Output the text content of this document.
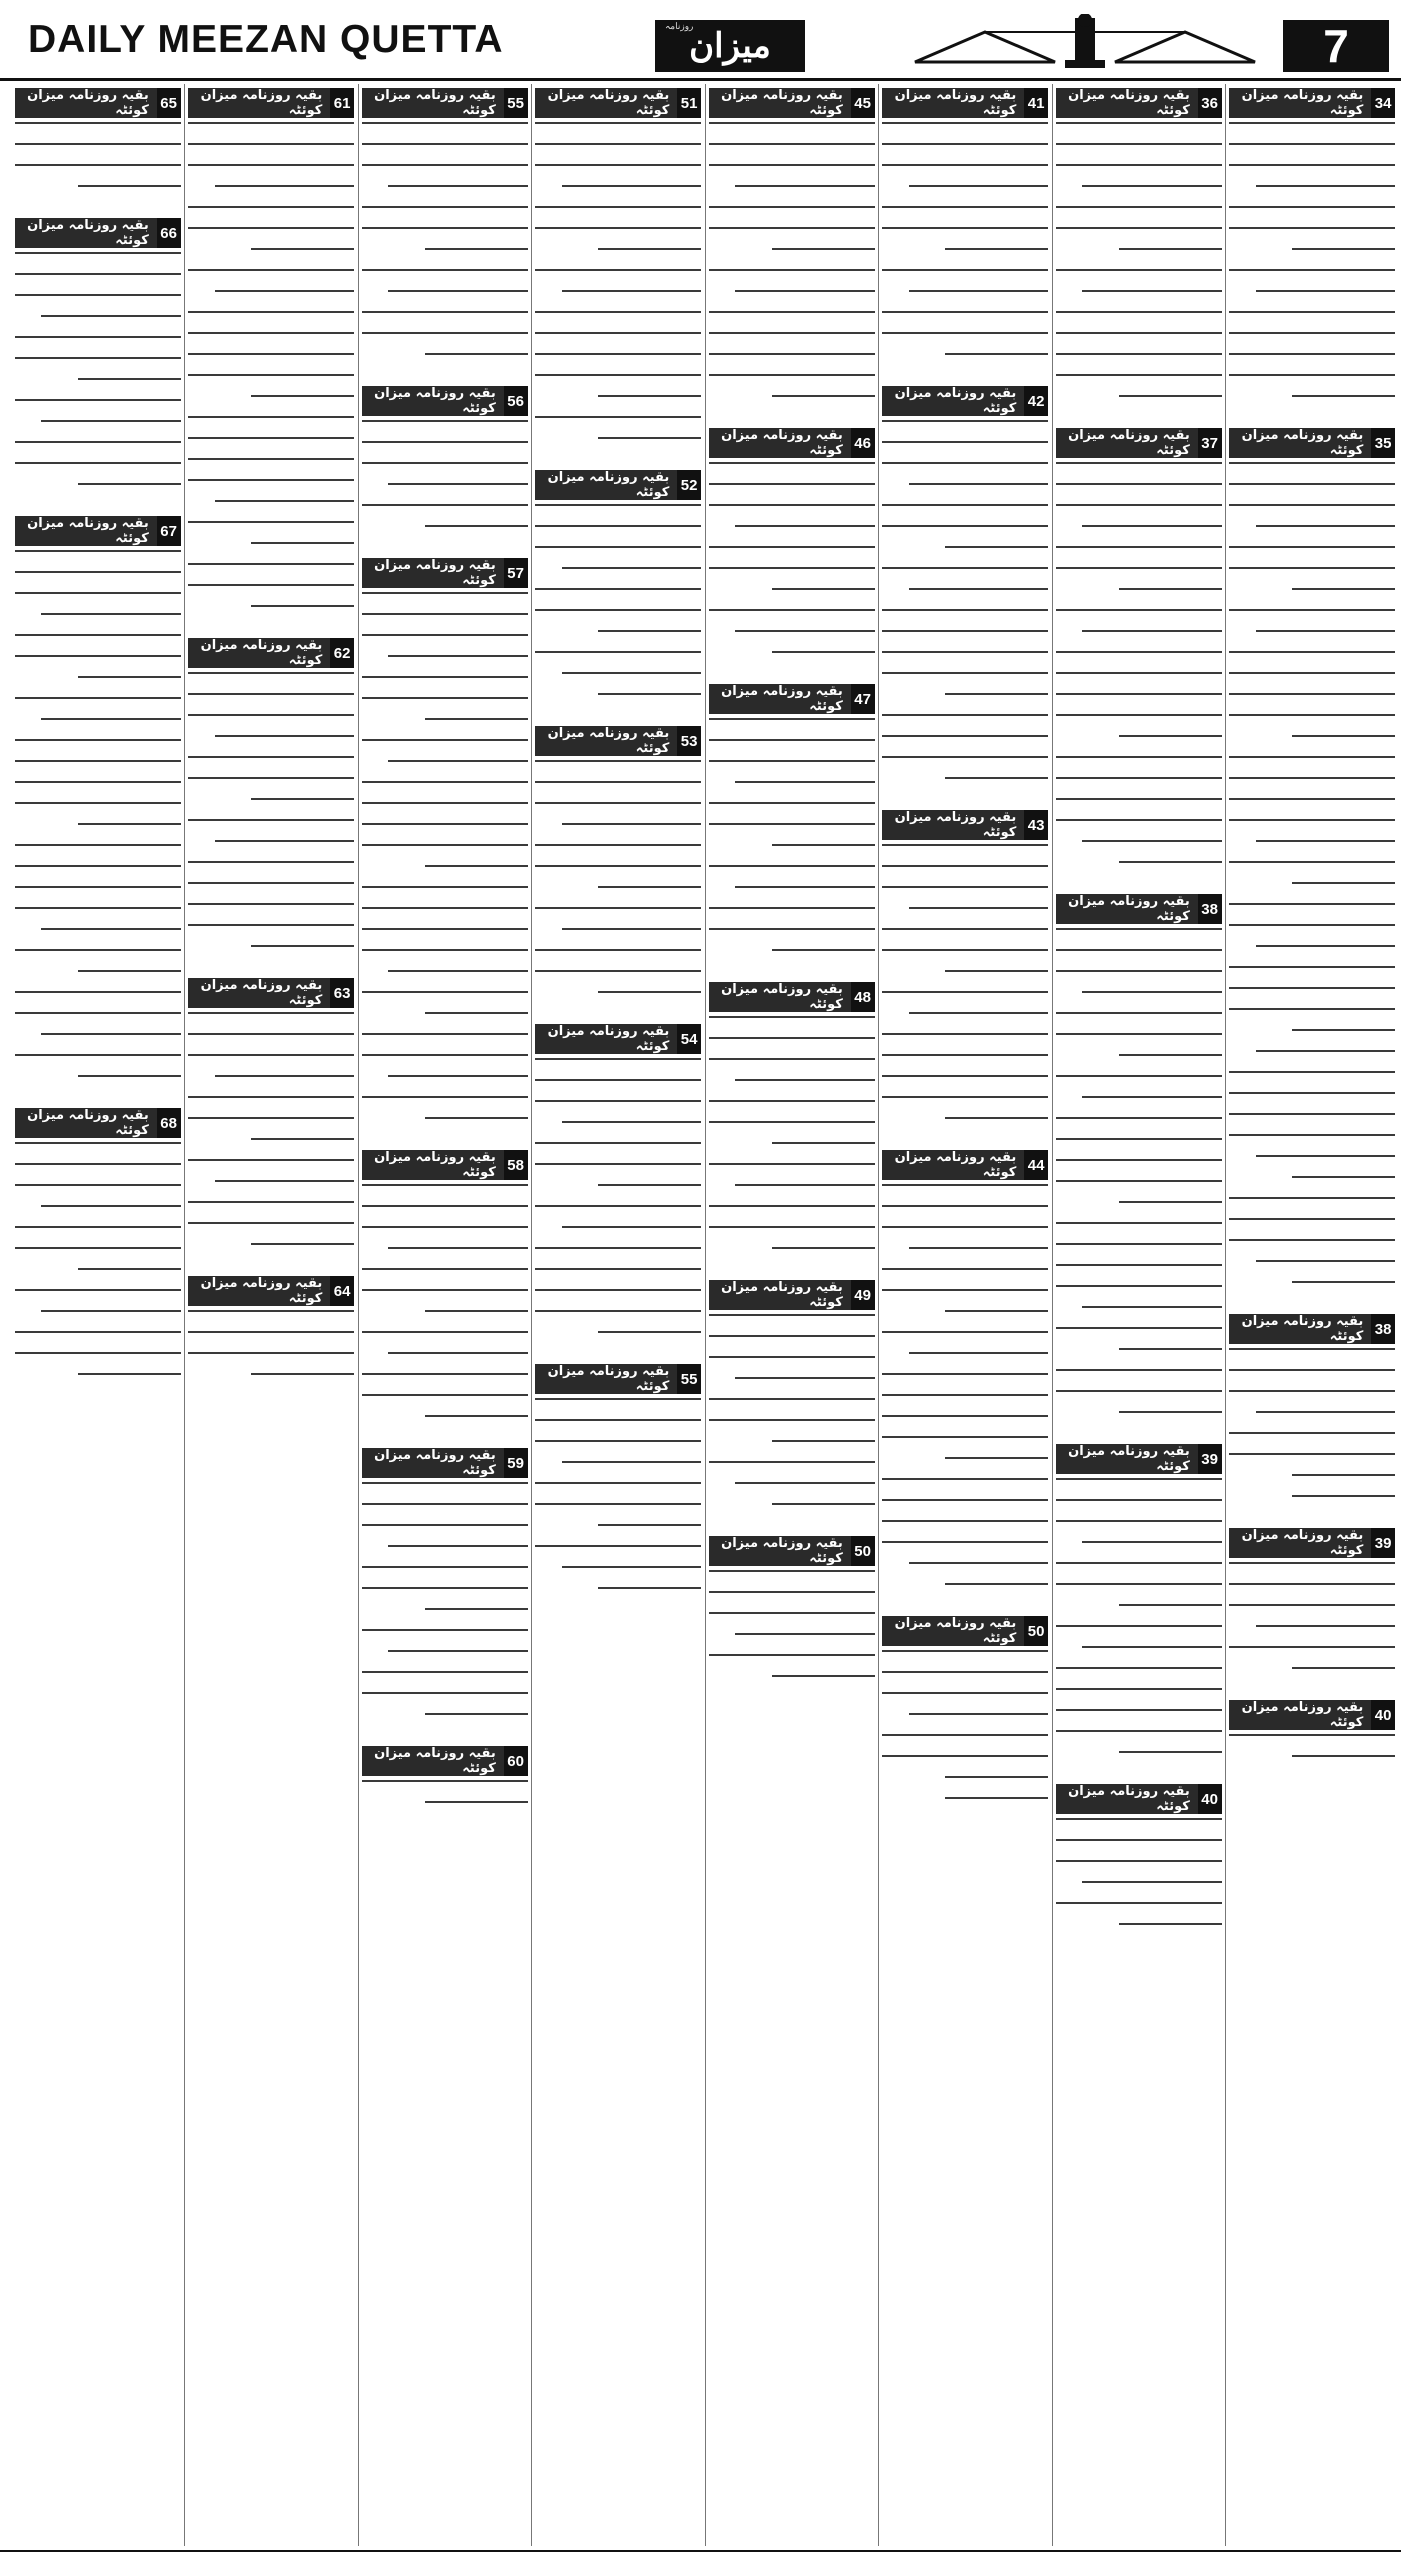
DAILY MEEZAN QUETTA	روزنامہ
میزان	7
34
بقیہ روزنامہ میزان کوئٹہ
35
بقیہ روزنامہ میزان کوئٹہ
38
بقیہ روزنامہ میزان کوئٹہ
39
بقیہ روزنامہ میزان کوئٹہ
40
بقیہ روزنامہ میزان کوئٹہ
36
بقیہ روزنامہ میزان کوئٹہ
37
بقیہ روزنامہ میزان کوئٹہ
38
بقیہ روزنامہ میزان کوئٹہ
39
بقیہ روزنامہ میزان کوئٹہ
40
بقیہ روزنامہ میزان کوئٹہ
41
بقیہ روزنامہ میزان کوئٹہ
42
بقیہ روزنامہ میزان کوئٹہ
43
بقیہ روزنامہ میزان کوئٹہ
44
بقیہ روزنامہ میزان کوئٹہ
50
بقیہ روزنامہ میزان کوئٹہ
45
بقیہ روزنامہ میزان کوئٹہ
46
بقیہ روزنامہ میزان کوئٹہ
47
بقیہ روزنامہ میزان کوئٹہ
48
بقیہ روزنامہ میزان کوئٹہ
49
بقیہ روزنامہ میزان کوئٹہ
50
بقیہ روزنامہ میزان کوئٹہ
51
بقیہ روزنامہ میزان کوئٹہ
52
بقیہ روزنامہ میزان کوئٹہ
53
بقیہ روزنامہ میزان کوئٹہ
54
بقیہ روزنامہ میزان کوئٹہ
55
بقیہ روزنامہ میزان کوئٹہ
55
بقیہ روزنامہ میزان کوئٹہ
56
بقیہ روزنامہ میزان کوئٹہ
57
بقیہ روزنامہ میزان کوئٹہ
58
بقیہ روزنامہ میزان کوئٹہ
59
بقیہ روزنامہ میزان کوئٹہ
60
بقیہ روزنامہ میزان کوئٹہ
61
بقیہ روزنامہ میزان کوئٹہ
62
بقیہ روزنامہ میزان کوئٹہ
63
بقیہ روزنامہ میزان کوئٹہ
64
بقیہ روزنامہ میزان کوئٹہ
65
بقیہ روزنامہ میزان کوئٹہ
66
بقیہ روزنامہ میزان کوئٹہ
67
بقیہ روزنامہ میزان کوئٹہ
68
بقیہ روزنامہ میزان کوئٹہ
